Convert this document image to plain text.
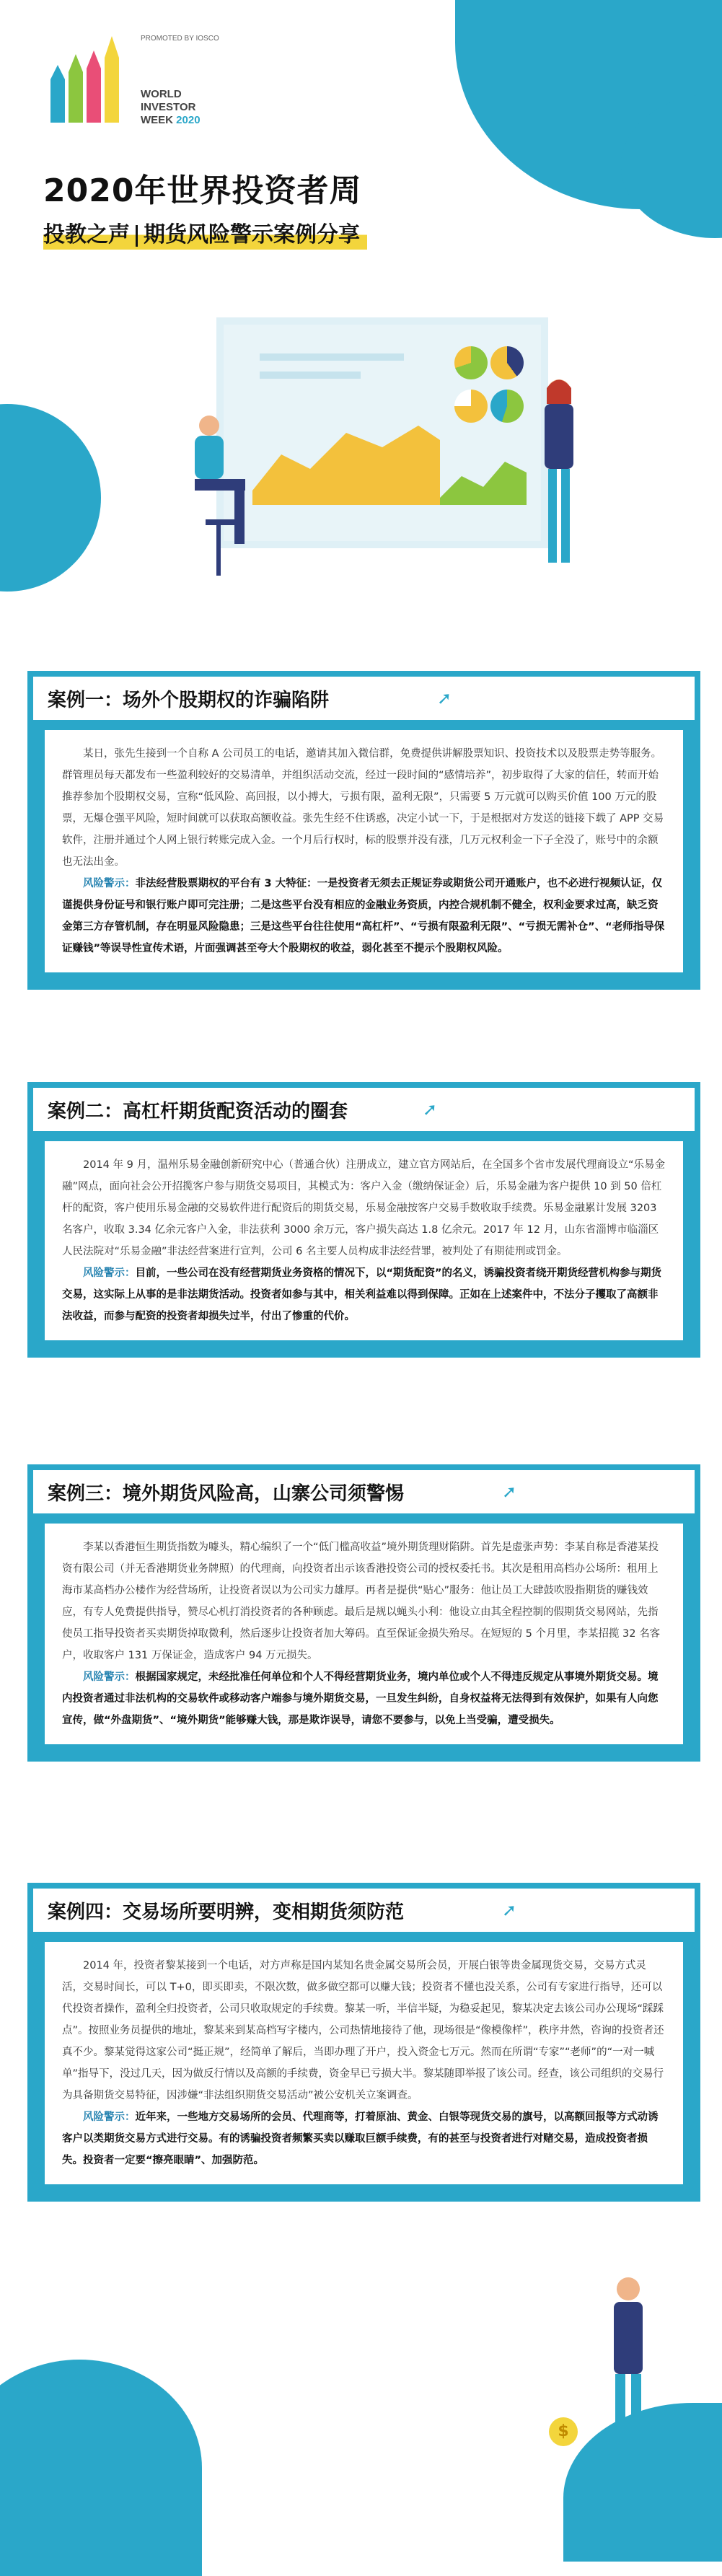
PROMOTED BY IOSCO
WORLD
INVESTOR
WEEK 2020
2020年世界投资者周
投教之声 期货风险警示案例分享
案例一：场外个股期权的诈骗陷阱	➚

某日，张先生接到一个自称 A 公司员工的电话，邀请其加入微信群，免费提供讲解股票知识、投资技术以及股票走势等服务。群管理员每天都发布一些盈利较好的交易清单，并组织活动交流，经过一段时间的“感情培养”，初步取得了大家的信任，转而开始推荐参加个股期权交易，宣称“低风险、高回报，以小搏大，亏损有限，盈利无限”，只需要 5 万元就可以购买价值 100 万元的股票，无爆仓强平风险，短时间就可以获取高额收益。张先生经不住诱惑，决定小试一下，于是根据对方发送的链接下载了 APP 交易软件，注册并通过个人网上银行转账完成入金。一个月后行权时，标的股票并没有涨，几万元权利金一下子全没了，账号中的余额也无法出金。

风险警示：非法经营股票期权的平台有 3 大特征：一是投资者无须去正规证券或期货公司开通账户，也不必进行视频认证，仅谨提供身份证号和银行账户即可完注册；二是这些平台没有相应的金融业务资质，内控合规机制不健全，权利金要求过高，缺乏资金第三方存管机制，存在明显风险隐患；三是这些平台往往使用“高杠杆”、“亏损有限盈利无限”、“亏损无需补仓”、“老师指导保证赚钱”等误导性宣传术语，片面强调甚至夸大个股期权的收益，弱化甚至不提示个股期权风险。

案例二：高杠杆期货配资活动的圈套	➚

2014 年 9 月，温州乐易金融创新研究中心（普通合伙）注册成立，建立官方网站后，在全国多个省市发展代理商设立“乐易金融”网点，面向社会公开招揽客户参与期货交易项目，其模式为：客户入金（缴纳保证金）后，乐易金融为客户提供 10 到 50 倍杠杆的配资，客户使用乐易金融的交易软件进行配资后的期货交易，乐易金融按客户交易手数收取手续费。乐易金融累计发展 3203 名客户，收取 3.34 亿余元客户入金，非法获利 3000 余万元，客户损失高达 1.8 亿余元。2017 年 12 月，山东省淄博市临淄区人民法院对“乐易金融”非法经营案进行宣判，公司 6 名主要人员构成非法经营罪，被判处了有期徒刑或罚金。

风险警示：目前，一些公司在没有经营期货业务资格的情况下，以“期货配资”的名义，诱骗投资者绕开期货经营机构参与期货交易，这实际上从事的是非法期货活动。投资者如参与其中，相关利益难以得到保障。正如在上述案件中，不法分子攫取了高额非法收益，而参与配资的投资者却损失过半，付出了惨重的代价。

案例三：境外期货风险高，山寨公司须警惕	➚

李某以香港恒生期货指数为噱头，精心编织了一个“低门槛高收益”境外期货理财陷阱。首先是虚张声势：李某自称是香港某投资有限公司（并无香港期货业务牌照）的代理商，向投资者出示该香港投资公司的授权委托书。其次是租用高档办公场所：租用上海市某高档办公楼作为经营场所，让投资者误以为公司实力雄厚。再者是提供“贴心”服务：他让员工大肆鼓吹股指期货的赚钱效应，有专人免费提供指导，赞尽心机打消投资者的各种顾虑。最后是规以蝇头小利：他设立由其全程控制的假期货交易网站，先指使员工指导投资者买卖期货掉取微利，然后逐步让投资者加大筹码。直至保证金损失殆尽。在短短的 5 个月里，李某招揽 32 名客户，收取客户 131 万保证金，造成客户 94 万元损失。

风险警示：根据国家规定，未经批准任何单位和个人不得经营期货业务，境内单位或个人不得违反规定从事境外期货交易。境内投资者通过非法机构的交易软件或移动客户端参与境外期货交易，一旦发生纠纷，自身权益将无法得到有效保护，如果有人向您宣传，做“外盘期货”、“境外期货”能够赚大钱，那是欺诈误导，请您不要参与，以免上当受骗，遭受损失。

案例四：交易场所要明辨，变相期货须防范	➚

2014 年，投资者黎某接到一个电话，对方声称是国内某知名贵金属交易所会员，开展白银等贵金属现货交易，交易方式灵活，交易时间长，可以 T+0，即买即卖，不限次数，做多做空都可以赚大钱；投资者不懂也没关系，公司有专家进行指导，还可以代投资者操作，盈利全归投资者，公司只收取规定的手续费。黎某一听，半信半疑，为稳妥起见，黎某决定去该公司办公现场“踩踩点”。按照业务员提供的地址，黎某来到某高档写字楼内，公司热情地接待了他，现场很是“像模像样”，秩序井然，咨询的投资者还真不少。黎某觉得这家公司“挺正规”，经简单了解后，当即办理了开户，投入资金七万元。然而在所谓“专家”“老师”的“一对一喊单”指导下，没过几天，因为做反行情以及高额的手续费，资金早已亏损大半。黎某随即举报了该公司。经查，该公司组织的交易行为具备期货交易特征，因涉嫌“非法组织期货交易活动”被公安机关立案调查。

风险警示：近年来，一些地方交易场所的会员、代理商等，打着原油、黄金、白银等现货交易的旗号，以高额回报等方式动诱客户以类期货交易方式进行交易。有的诱骗投资者频繁买卖以赚取巨额手续费，有的甚至与投资者进行对赌交易，造成投资者损失。投资者一定要“擦亮眼睛”、加强防范。

$
